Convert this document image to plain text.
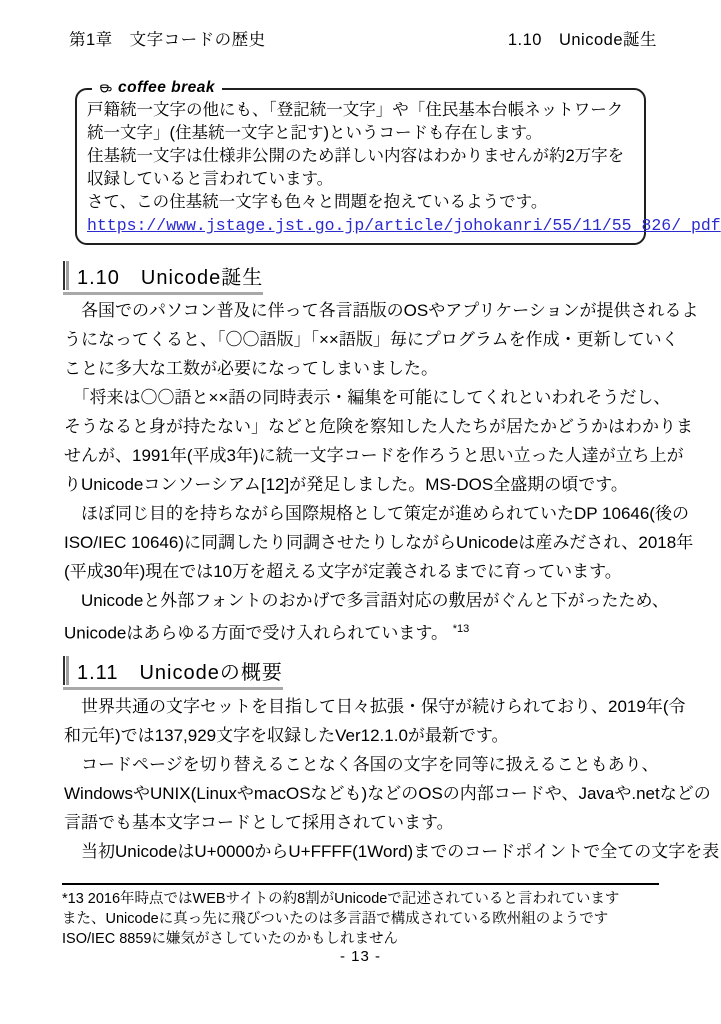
第1章　文字コードの歴史	1.10　Unicode誕生
coffee break
戸籍統一文字の他にも、「登記統一文字」や「住民基本台帳ネットワーク
統一文字」(住基統一文字と記す)というコードも存在します。
住基統一文字は仕様非公開のため詳しい内容はわかりませんが約2万字を
収録していると言われています。
さて、この住基統一文字も色々と問題を抱えているようです。
https://www.jstage.jst.go.jp/article/johokanri/55/11/55_826/_pdf
1.10　Unicode誕生
　各国でのパソコン普及に伴って各言語版のOSやアプリケーションが提供されるよ
うになってくると、「〇〇語版」「××語版」毎にプログラムを作成・更新していく
ことに多大な工数が必要になってしまいました。
　「将来は〇〇語と××語の同時表示・編集を可能にしてくれといわれそうだし、
そうなると身が持たない」などと危険を察知した人たちが居たかどうかはわかりま
せんが、1991年(平成3年)に統一文字コードを作ろうと思い立った人達が立ち上が
りUnicodeコンソーシアム[12]が発足しました。MS-DOS全盛期の頃です。
　ほぼ同じ目的を持ちながら国際規格として策定が進められていたDP 10646(後の
ISO/IEC 10646)に同調したり同調させたりしながらUnicodeは産みだされ、2018年
(平成30年)現在では10万を超える文字が定義されるまでに育っています。
　Unicodeと外部フォントのおかげで多言語対応の敷居がぐんと下がったため、
Unicodeはあらゆる方面で受け入れられています。 $^{*13}$
1.11　Unicodeの概要
　世界共通の文字セットを目指して日々拡張・保守が続けられており、2019年(令
和元年)では137,929文字を収録したVer12.1.0が最新です。
　コードページを切り替えることなく各国の文字を同等に扱えることもあり、
WindowsやUNIX(LinuxやmacOSなども)などのOSの内部コードや、Javaや.netなどの
言語でも基本文字コードとして採用されています。
　当初UnicodeはU+0000からU+FFFF(1Word)までのコードポイントで全ての文字を表
*13 2016年時点ではWEBサイトの約8割がUnicodeで記述されていると言われています
また、Unicodeに真っ先に飛びついたのは多言語で構成されている欧州組のようです
ISO/IEC 8859に嫌気がさしていたのかもしれません
- 13 -
